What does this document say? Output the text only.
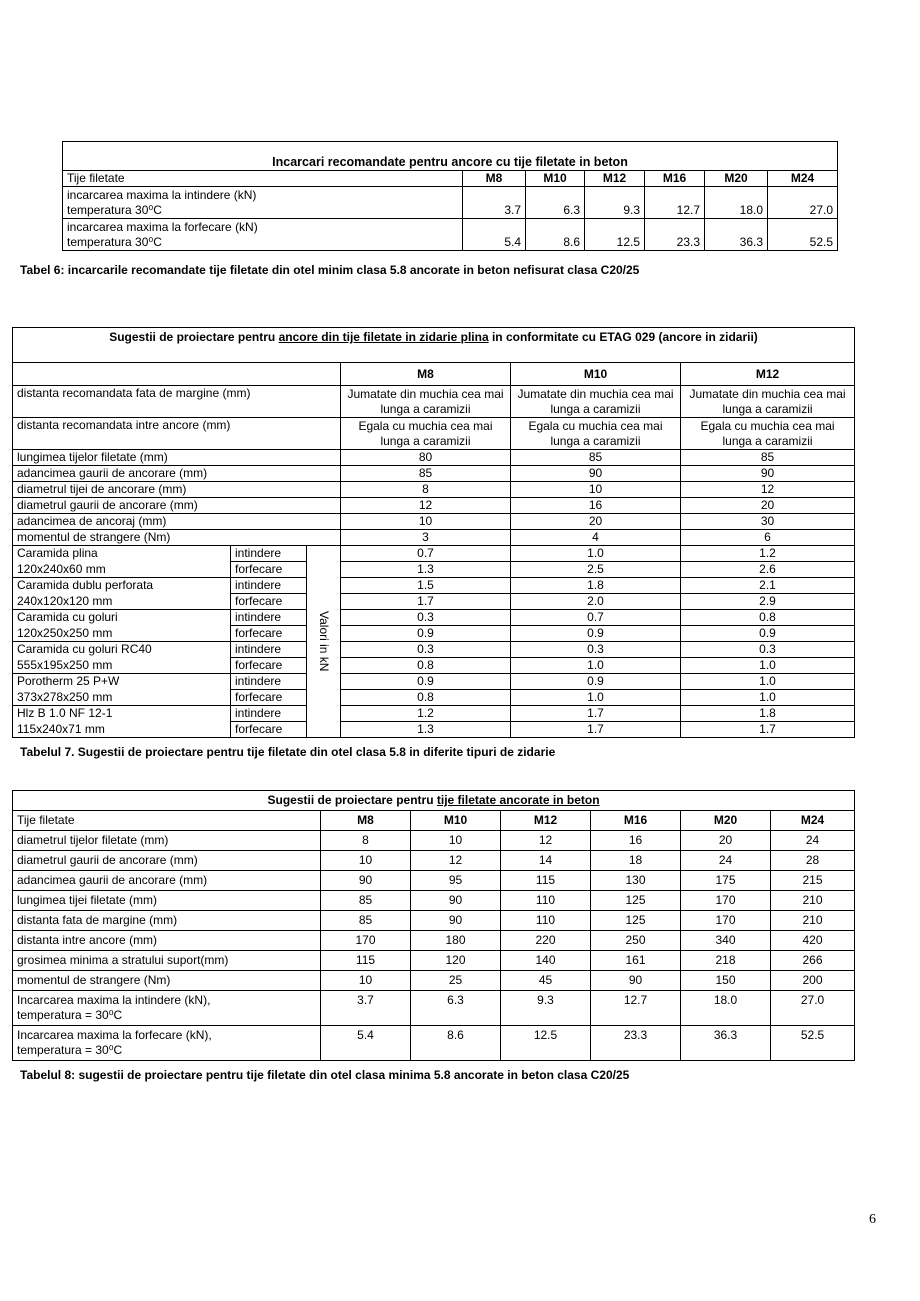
Incarcari recomandate pentru ancore cu tije filetate in beton						
Tije filetate	M8	M10	M12	M16	M20	M24
incarcarea maxima la intindere (kN)
temperatura 30⁰C	3.7	6.3	9.3	12.7	18.0	27.0
incarcarea maxima la forfecare (kN)
temperatura 30⁰C	5.4	8.6	12.5	23.3	36.3	52.5
Tabel 6: incarcarile recomandate tije filetate din otel minim clasa 5.8 ancorate in beton nefisurat clasa C20/25
Sugestii de proiectare pentru ancore din tije filetate in zidarie plina in conformitate cu ETAG 029 (ancore in zidarii)					
			M8	M10	M12
distanta recomandata fata de margine (mm)			Jumatate din muchia cea mai lunga a caramizii	Jumatate din muchia cea mai lunga a caramizii	Jumatate din muchia cea mai lunga a caramizii
distanta recomandata intre ancore (mm)			Egala cu muchia cea mai lunga a caramizii	Egala cu muchia cea mai lunga a caramizii	Egala cu muchia cea mai lunga a caramizii
lungimea tijelor filetate (mm)			80	85	85
adancimea gaurii de ancorare (mm)			85	90	90
diametrul tijei de ancorare (mm)			8	10	12
diametrul gaurii de ancorare (mm)			12	16	20
adancimea de ancoraj (mm)			10	20	30
momentul de strangere (Nm)			3	4	6
Caramida plina	intindere	Valori in kN	0.7	1.0	1.2
120x240x60 mm	forfecare		1.3	2.5	2.6
Caramida dublu perforata	intindere		1.5	1.8	2.1
240x120x120 mm	forfecare		1.7	2.0	2.9
Caramida cu goluri	intindere		0.3	0.7	0.8
120x250x250 mm	forfecare		0.9	0.9	0.9
Caramida cu goluri RC40	intindere		0.3	0.3	0.3
555x195x250 mm	forfecare		0.8	1.0	1.0
Porotherm 25 P+W	intindere		0.9	0.9	1.0
373x278x250 mm	forfecare		0.8	1.0	1.0
Hlz B 1.0 NF 12-1	intindere		1.2	1.7	1.8
115x240x71 mm	forfecare		1.3	1.7	1.7
Tabelul 7. Sugestii de proiectare pentru tije filetate din otel clasa 5.8 in diferite tipuri de zidarie
Sugestii de proiectare pentru tije filetate ancorate in beton						
Tije filetate	M8	M10	M12	M16	M20	M24
diametrul tijelor filetate (mm)	8	10	12	16	20	24
diametrul gaurii de ancorare (mm)	10	12	14	18	24	28
adancimea gaurii de ancorare (mm)	90	95	115	130	175	215
lungimea tijei filetate (mm)	85	90	110	125	170	210
distanta fata de margine (mm)	85	90	110	125	170	210
distanta intre ancore (mm)	170	180	220	250	340	420
grosimea minima a stratului suport(mm)	115	120	140	161	218	266
momentul de strangere (Nm)	10	25	45	90	150	200
Incarcarea maxima la intindere (kN),
temperatura = 30⁰C	3.7	6.3	9.3	12.7	18.0	27.0
Incarcarea maxima la forfecare (kN),
temperatura = 30⁰C	5.4	8.6	12.5	23.3	36.3	52.5
Tabelul 8: sugestii de proiectare pentru tije filetate din otel clasa minima 5.8 ancorate in beton clasa C20/25
6
